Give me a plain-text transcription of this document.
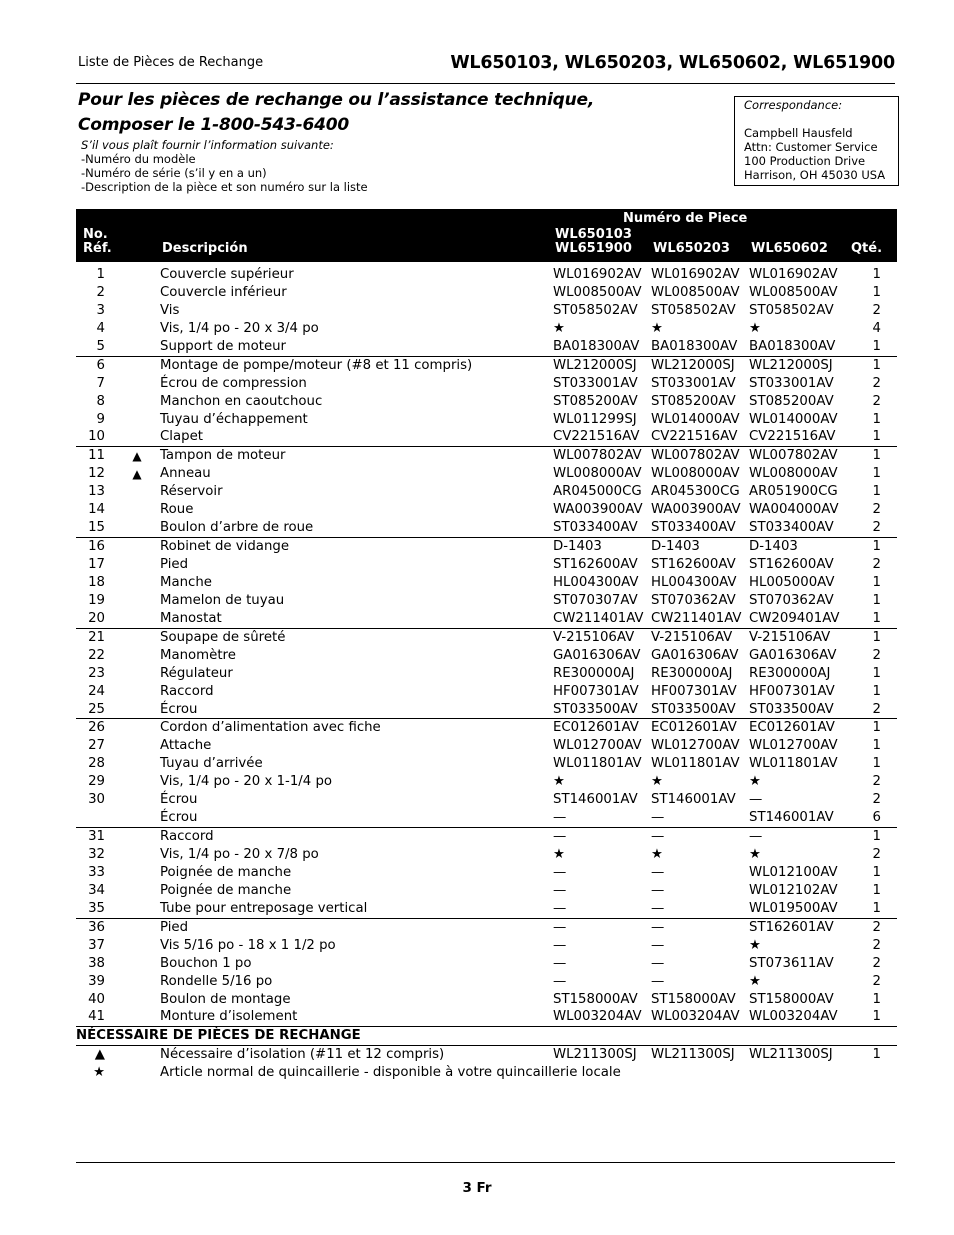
Liste de Pièces de Rechange	WL650103, WL650203, WL650602, WL651900
Pour les pièces de rechange ou l’assistance technique,
Composer le 1-800-543-6400
S’il vous plaît fournir l’information suivante:
-Numéro du modèle
-Numéro de série (s’il y en a un)
-Description de la pièce et son numéro sur la liste
Correspondance:
Campbell Hausfeld
Attn: Customer Service
100 Production Drive
Harrison, OH 45030 USA
Numéro de Piece
No.
Réf.	Descripción
WL650103
WL651900 WL650203 WL650602 Qté.
1	Couvercle supérieur	WL016902AV WL016902AV WL016902AV	1
2	Couvercle inférieur	WL008500AV WL008500AV WL008500AV	1
3	Vis	ST058502AV ST058502AV ST058502AV	2
4	Vis, 1/4 po - 20 x 3/4 po	★	★	★	4
5	Support de moteur	BA018300AV BA018300AV BA018300AV	1
6	Montage de pompe/moteur (#8 et 11 compris)	WL212000SJ WL212000SJ WL212000SJ	1
7	Écrou de compression	ST033001AV ST033001AV ST033001AV	2
8	Manchon en caoutchouc	ST085200AV ST085200AV ST085200AV	2
9	Tuyau d’échappement	WL011299SJ WL014000AV WL014000AV	1
10	Clapet	CV221516AV CV221516AV CV221516AV	1
11 ▲ Tampon de moteur	WL007802AV WL007802AV WL007802AV	1
12 ▲ Anneau	WL008000AV WL008000AV WL008000AV	1
13	Réservoir	AR045000CG AR045300CG AR051900CG	1
14	Roue	WA003900AV WA003900AV WA004000AV	2
15	Boulon d’arbre de roue	ST033400AV ST033400AV ST033400AV	2
16	Robinet de vidange	D-1403	D-1403	D-1403	1
17	Pied	ST162600AV ST162600AV ST162600AV	2
18	Manche	HL004300AV HL004300AV HL005000AV	1
19	Mamelon de tuyau	ST070307AV ST070362AV ST070362AV	1
20	Manostat	CW211401AV CW211401AV CW209401AV	1
21	Soupape de sûreté	V-215106AV V-215106AV V-215106AV	1
22	Manomètre	GA016306AV GA016306AV GA016306AV	2
23	Régulateur	RE300000AJ RE300000AJ RE300000AJ	1
24	Raccord	HF007301AV HF007301AV HF007301AV	1
25	Écrou	ST033500AV ST033500AV ST033500AV	2
26	Cordon d’alimentation avec fiche	EC012601AV EC012601AV EC012601AV	1
27	Attache	WL012700AV WL012700AV WL012700AV	1
28	Tuyau d’arrivée	WL011801AV WL011801AV WL011801AV	1
29	Vis, 1/4 po - 20 x 1-1/4 po	★	★	★	2
30	Écrou	ST146001AV ST146001AV —	2
Écrou	—	—	ST146001AV	6
31	Raccord	—	—	—	1
32	Vis, 1/4 po - 20 x 7/8 po	★	★	★	2
33	Poignée de manche	—	—	WL012100AV	1
34	Poignée de manche	—	—	WL012102AV	1
35	Tube pour entreposage vertical	—	—	WL019500AV	1
36	Pied	—	—	ST162601AV	2
37	Vis 5/16 po - 18 x 1 1/2 po	—	—	★	2
38	Bouchon 1 po	—	—	ST073611AV	2
39	Rondelle 5/16 po	—	—	★	2
40	Boulon de montage	ST158000AV ST158000AV ST158000AV	1
41	Monture d’isolement	WL003204AV WL003204AV WL003204AV	1
NÉCESSAIRE DE PIÈCES DE RECHANGE
▲	Nécessaire d’isolation (#11 et 12 compris)	WL211300SJ WL211300SJ WL211300SJ	1
★	Article normal de quincaillerie - disponible à votre quincaillerie locale
3 Fr
